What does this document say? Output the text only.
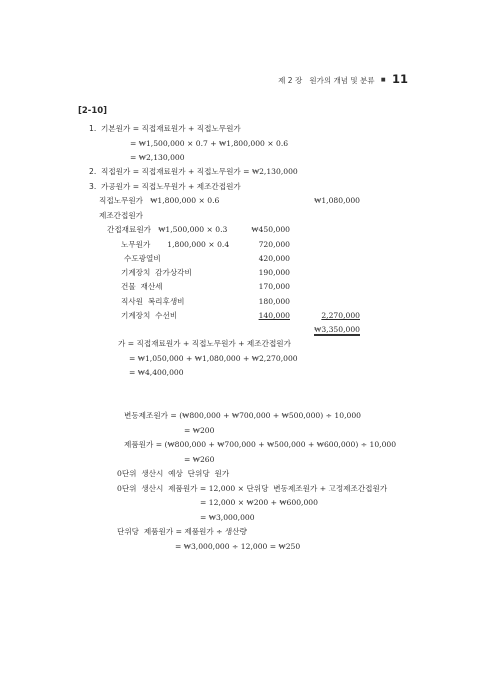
제 2 장 원가의 개념 및 분류 ■ 11
[2-10]
1. 기본원가 = 직접재료원가 + 직접노무원가
= ₩1,500,000 × 0.7 + ₩1,800,000 × 0.6
= ₩2,130,000
2. 직접원가 = 직접재료원가 + 직접노무원가 = ₩2,130,000
3. 가공원가 = 직접노무원가 + 제조간접원가
직접노무원가   ₩1,800,000 × 0.6	₩1,080,000
제조간접원가
간접재료원가   ₩1,500,000 × 0.3	₩450,000
노무원가       1,800,000 × 0.4	720,000
수도광열비	420,000
기계장치  감가상각비	190,000
건물  재산세	170,000
직사원  복리후생비	180,000
기계장치  수선비	140,000	2,270,000
₩3,350,000
가 = 직접재료원가 + 직접노무원가 + 제조간접원가
= ₩1,050,000 + ₩1,080,000 + ₩2,270,000
= ₩4,400,000
변동제조원가 = (₩800,000 + ₩700,000 + ₩500,000) ÷ 10,000
= ₩200
제품원가 = (₩800,000 + ₩700,000 + ₩500,000 + ₩600,000) ÷ 10,000
= ₩260
0단위  생산시  예상  단위당  원가
0단위  생산시  제품원가 = 12,000 × 단위당  변동제조원가 + 고정제조간접원가
= 12,000 × ₩200 + ₩600,000
= ₩3,000,000
단위당  제품원가 = 제품원가 ÷ 생산량
= ₩3,000,000 ÷ 12,000 = ₩250
